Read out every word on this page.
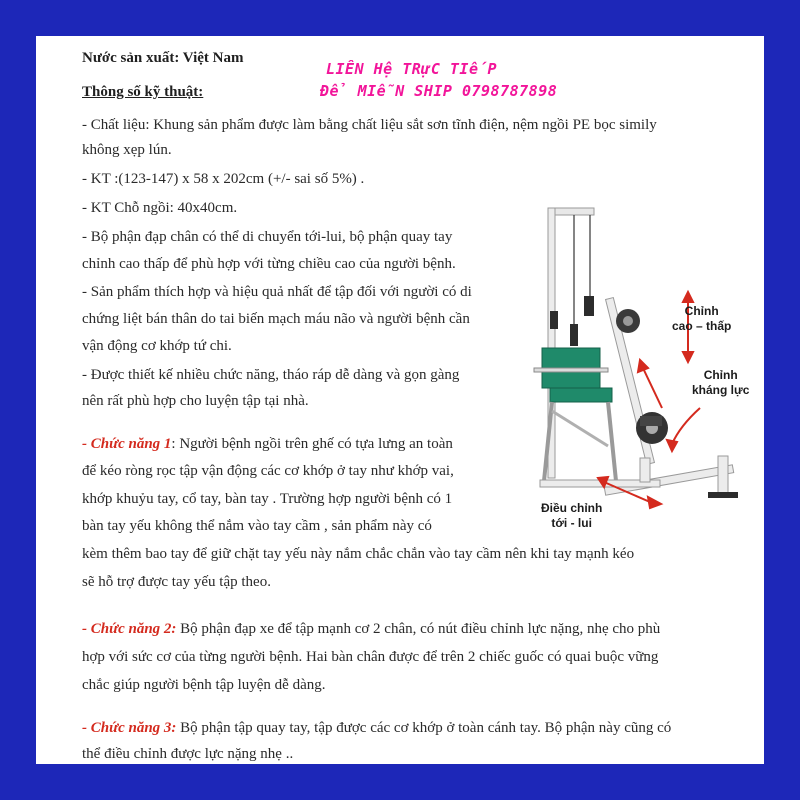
Nước sản xuất: Việt Nam
Thông số kỹ thuật:
LIÊN Hệ TRựC TIếP
Để MIễN SHIP 0798787898
- Chất liệu: Khung sản phẩm được làm bằng chất liệu sắt sơn tĩnh điện, nệm ngồi PE bọc simily
không xẹp lún.
- KT :(123-147) x 58 x 202cm (+/- sai số 5%) .
- KT Chỗ ngồi: 40x40cm.
- Bộ phận đạp chân có thể di chuyển tới-lui, bộ phận quay tay
chỉnh cao thấp để phù hợp với từng chiều cao của người bệnh.
- Sản phẩm thích hợp và hiệu quả nhất để tập đối với người có di
chứng liệt bán thân do tai biến mạch máu não và người bệnh cần
vận động cơ khớp tứ chi.
- Được thiết kế nhiều chức năng, tháo ráp dễ dàng và gọn gàng
nên rất phù hợp cho luyện tập tại nhà.
- Chức năng 1: Người bệnh ngồi trên ghế có tựa lưng an toàn
để kéo ròng rọc tập vận động các cơ khớp ở tay như khớp vai,
khớp khuỷu tay, cổ tay, bàn tay . Trường hợp người bệnh có 1
bàn tay yếu không thể nắm vào tay cầm , sản phẩm này có
kèm thêm bao tay để giữ chặt tay yếu này nắm chắc chắn vào tay cầm nên khi tay mạnh kéo
sẽ hỗ trợ được tay yếu tập theo.
- Chức năng 2: Bộ phận đạp xe để tập mạnh cơ 2 chân, có nút điều chỉnh lực nặng, nhẹ cho phù
hợp với sức cơ của từng người bệnh. Hai bàn chân được để trên 2 chiếc guốc có quai buộc vững
chắc giúp người bệnh tập luyện dễ dàng.
- Chức năng 3: Bộ phận tập quay tay, tập được các cơ khớp ở toàn cánh tay. Bộ phận này cũng có
thể điều chỉnh được lực nặng nhẹ ..
Chỉnh
cao – thấp
Chỉnh
kháng lực
Điều chỉnh
tới - lui
